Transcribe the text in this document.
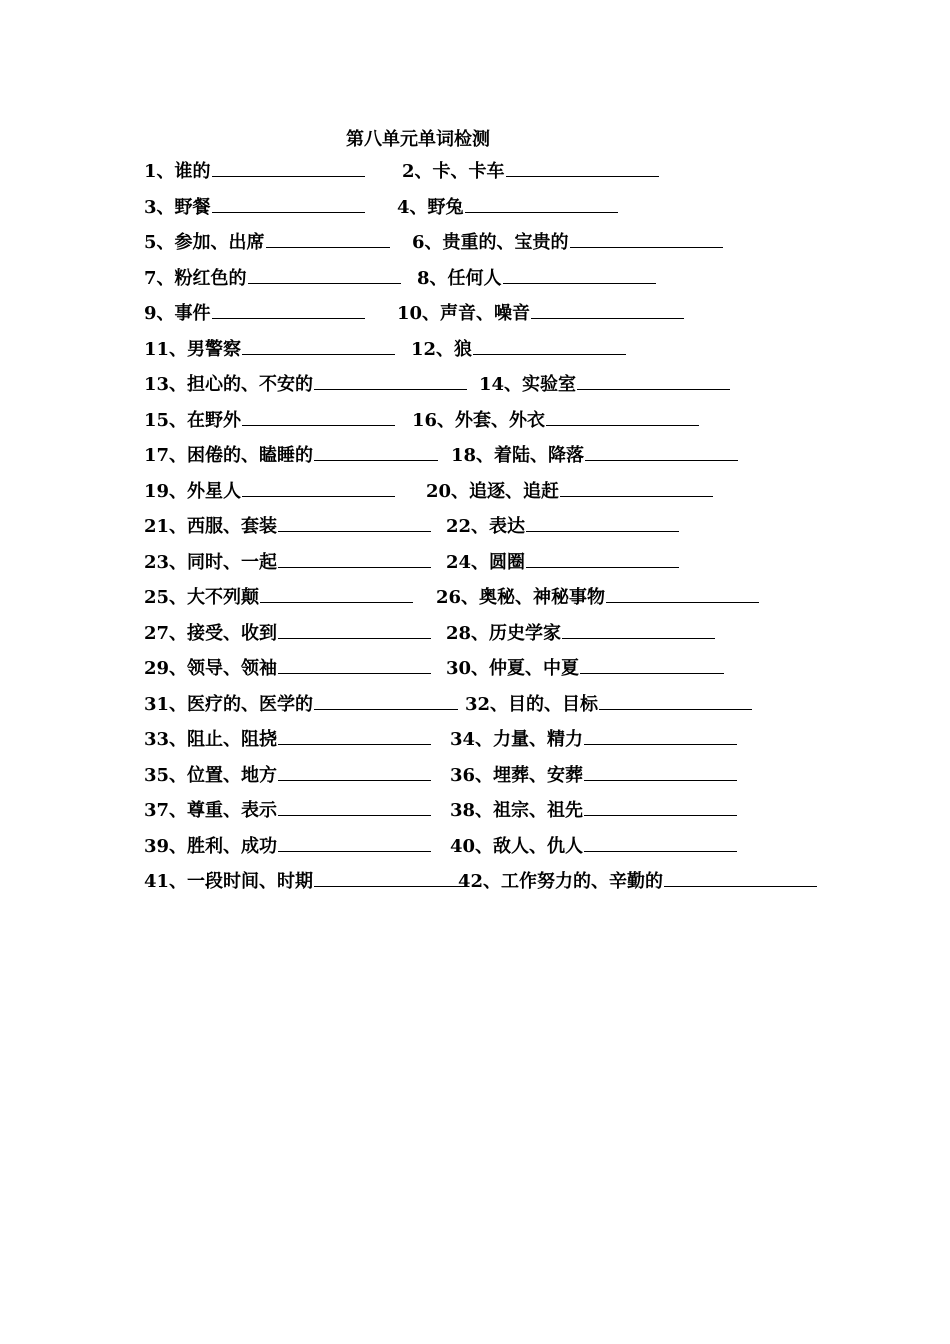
第八单元单词检测
1、谁的	2、卡、卡车
3、野餐	4、野兔
5、参加、出席	6、贵重的、宝贵的
7、粉红色的	8、任何人
9、事件	10、声音、噪音
11、男警察	12、狼
13、担心的、不安的	14、实验室
15、在野外	16、外套、外衣
17、困倦的、瞌睡的	18、着陆、降落
19、外星人	20、追逐、追赶
21、西服、套装	22、表达
23、同时、一起	24、圆圈
25、大不列颠	26、奥秘、神秘事物
27、接受、收到	28、历史学家
29、领导、领袖	30、仲夏、中夏
31、医疗的、医学的	32、目的、目标
33、阻止、阻挠	34、力量、精力
35、位置、地方	36、埋葬、安葬
37、尊重、表示	38、祖宗、祖先
39、胜利、成功	40、敌人、仇人
41、一段时间、时期	42、工作努力的、辛勤的
